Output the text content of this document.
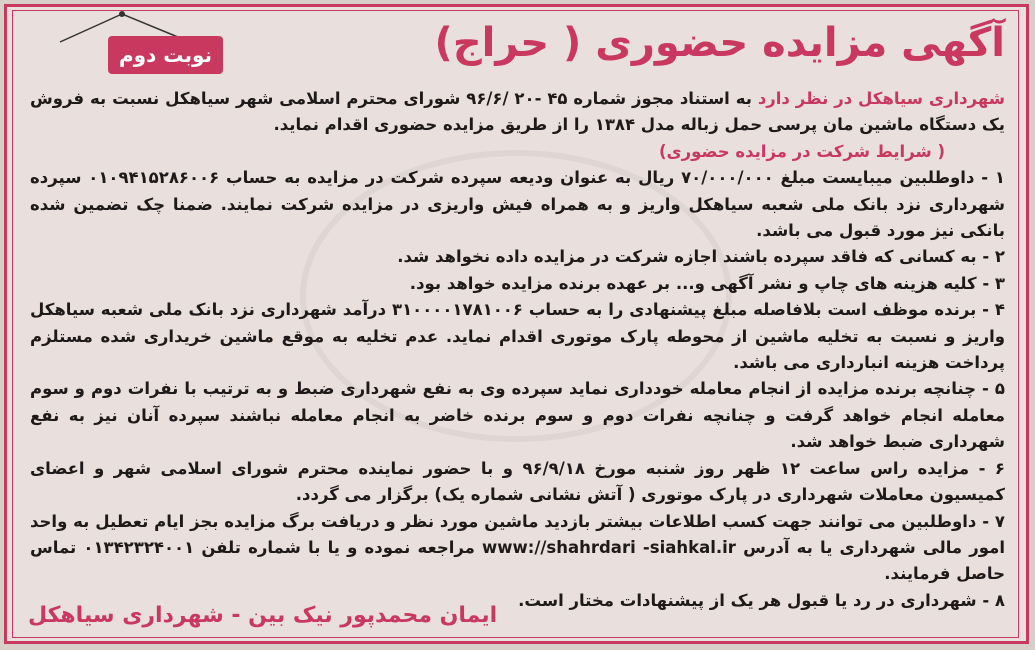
نوبت دوم	آگهی مزایده حضوری ( حراج)

شهرداری سیاهکل در نظر دارد به استناد مجوز شماره ۴۵ -۲۰ /۹۶/۶ شورای محترم اسلامی شهر سیاهکل نسبت به فروش یک دستگاه ماشین مان پرسی حمل زباله مدل ۱۳۸۴ را از طریق مزایده حضوری اقدام نماید.

( شرایط شرکت در مزایده حضوری)

۱ - داوطلبین میبایست مبلغ ۷۰/۰۰۰/۰۰۰ ریال به عنوان ودیعه سپرده شرکت در مزایده به حساب ۰۱۰۹۴۱۵۲۸۶۰۰۶ سپرده شهرداری نزد بانک ملی شعبه سیاهکل واریز و به همراه فیش واریزی در مزایده شرکت نمایند. ضمنا چک تضمین شده بانکی نیز مورد قبول می باشد.

۲ - به کسانی که فاقد سپرده باشند اجازه شرکت در مزایده داده نخواهد شد.

۳ - کلیه هزینه های چاپ و نشر آگهی و... بر عهده برنده مزایده خواهد بود.

۴ - برنده موظف است بلافاصله مبلغ پیشنهادی را به حساب ۳۱۰۰۰۰۱۷۸۱۰۰۶ درآمد شهرداری نزد بانک ملی شعبه سیاهکل واریز و نسبت به تخلیه ماشین از محوطه پارک موتوری اقدام نماید. عدم تخلیه به موقع ماشین خریداری شده مستلزم پرداخت هزینه انبارداری می باشد.

۵ - چنانچه برنده مزایده از انجام معامله خودداری نماید سپرده وی به نفع شهرداری ضبط و به ترتیب با نفرات دوم و سوم معامله انجام خواهد گرفت و چنانچه نفرات دوم و سوم برنده خاضر به انجام معامله نباشند سپرده آنان نیز به نفع شهرداری ضبط خواهد شد.

۶ - مزایده راس ساعت ۱۲ ظهر روز شنبه مورخ ۹۶/۹/۱۸ و با حضور نماینده محترم شورای اسلامی شهر و اعضای کمیسیون معاملات شهرداری در پارک موتوری ( آتش نشانی شماره یک) برگزار می گردد.

۷ - داوطلبین می توانند جهت کسب اطلاعات بیشتر بازدید ماشین مورد نظر و دریافت برگ مزایده بجز ایام تعطیل به واحد امور مالی شهرداری یا به آدرس www://shahrdari -siahkal.ir مراجعه نموده و یا با شماره تلفن ۰۱۳۴۲۳۲۴۰۰۱ تماس حاصل فرمایند.

۸ - شهرداری در رد یا قبول هر یک از پیشنهادات مختار است.

ایمان محمدپور نیک بین - شهرداری سیاهکل
